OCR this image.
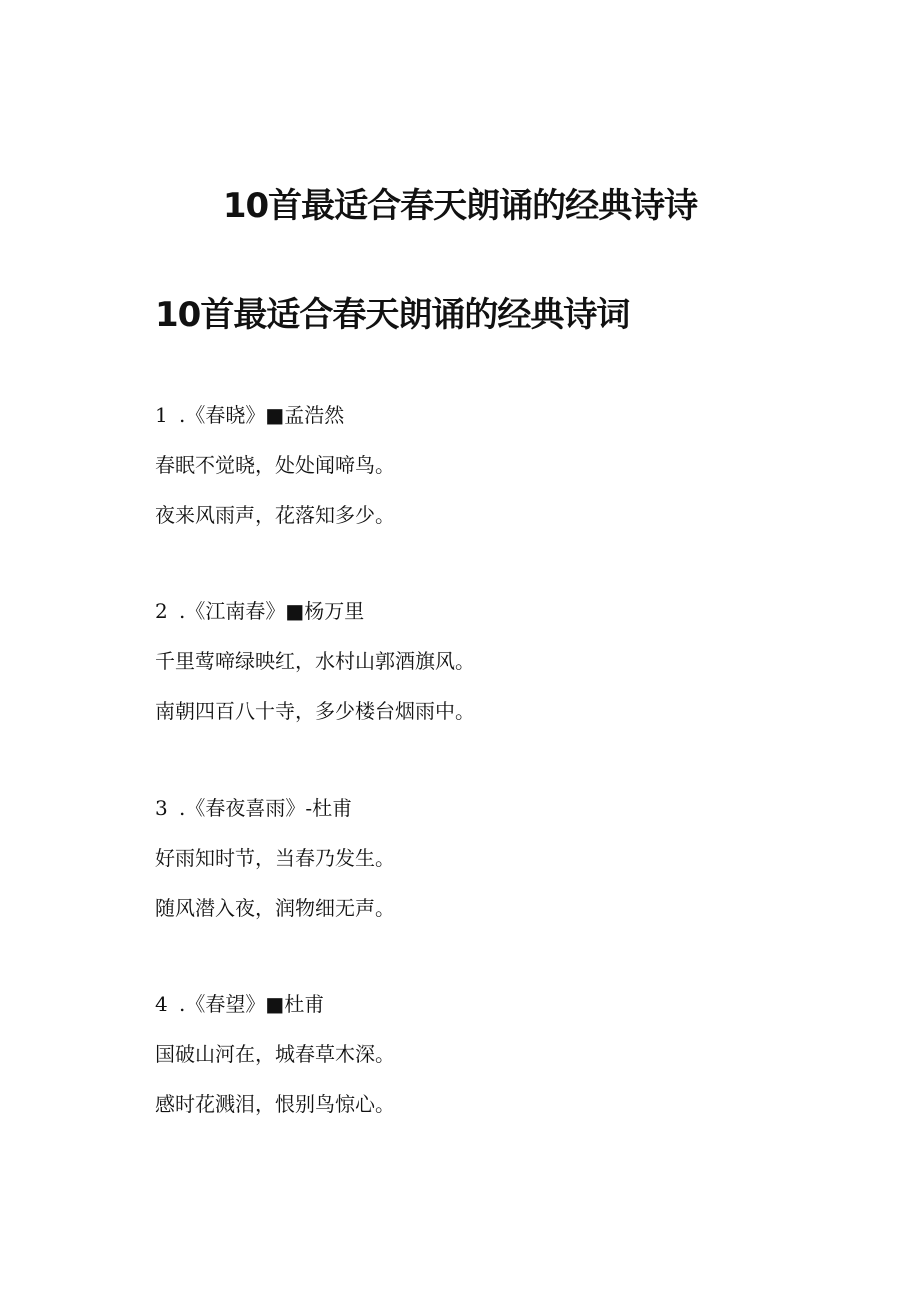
10首最适合春天朗诵的经典诗诗
10首最适合春天朗诵的经典诗词
1 .《春晓》■孟浩然
春眠不觉晓，处处闻啼鸟。
夜来风雨声，花落知多少。
2 .《江南春》■杨万里
千里莺啼绿映红，水村山郭酒旗风。
南朝四百八十寺，多少楼台烟雨中。
3 .《春夜喜雨》-杜甫
好雨知时节，当春乃发生。
随风潜入夜，润物细无声。
4 .《春望》■杜甫
国破山河在，城春草木深。
感时花溅泪，恨别鸟惊心。
